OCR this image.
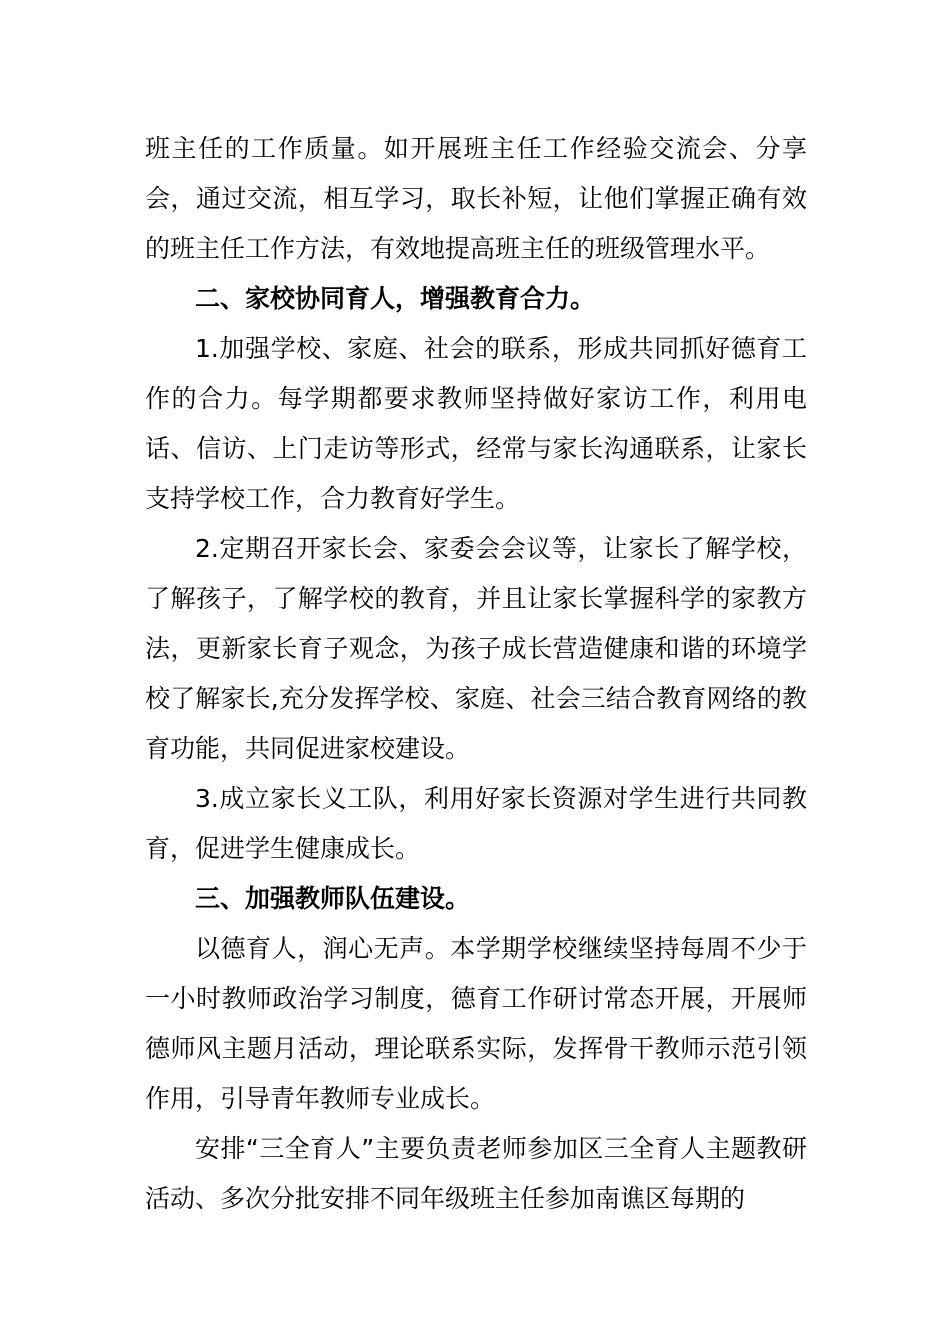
班主任的工作质量。如开展班主任工作经验交流会、分享会，通过交流，相互学习，取长补短，让他们掌握正确有效的班主任工作方法，有效地提高班主任的班级管理水平。

二、家校协同育人，增强教育合力。

1.加强学校、家庭、社会的联系，形成共同抓好德育工作的合力。每学期都要求教师坚持做好家访工作，利用电话、信访、上门走访等形式，经常与家长沟通联系，让家长支持学校工作，合力教育好学生。

2.定期召开家长会、家委会会议等，让家长了解学校，了解孩子，了解学校的教育，并且让家长掌握科学的家教方法，更新家长育子观念，为孩子成长营造健康和谐的环境学校了解家长,充分发挥学校、家庭、社会三结合教育网络的教育功能，共同促进家校建设。

3.成立家长义工队，利用好家长资源对学生进行共同教育，促进学生健康成长。

三、加强教师队伍建设。

以德育人，润心无声。本学期学校继续坚持每周不少于一小时教师政治学习制度，德育工作研讨常态开展，开展师德师风主题月活动，理论联系实际，发挥骨干教师示范引领作用，引导青年教师专业成长。

安排“三全育人”主要负责老师参加区三全育人主题教研活动、多次分批安排不同年级班主任参加南谯区每期的
